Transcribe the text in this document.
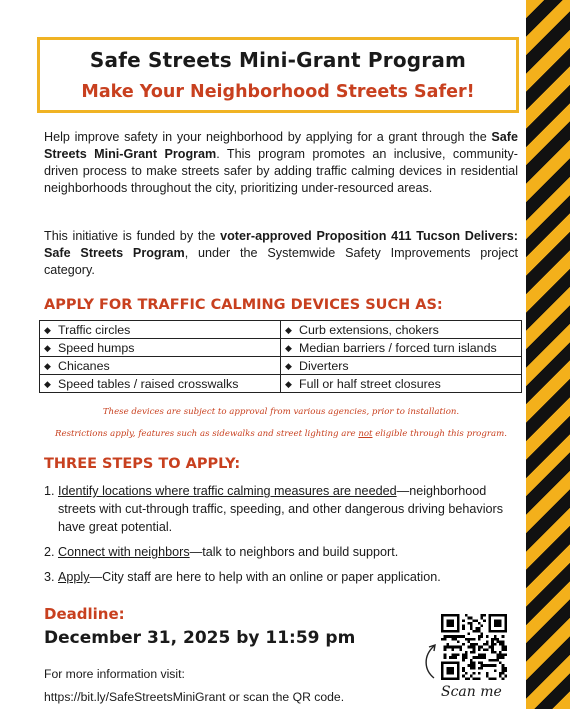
Safe Streets Mini-Grant Program
Make Your Neighborhood Streets Safer!
Help improve safety in your neighborhood by applying for a grant through the Safe Streets Mini-Grant Program. This program promotes an inclusive, community-driven process to make streets safer by adding traffic calming devices in residential neighborhoods throughout the city, prioritizing under-resourced areas.
This initiative is funded by the voter-approved Proposition 411 Tucson Delivers: Safe Streets Program, under the Systemwide Safety Improvements project category.
APPLY FOR TRAFFIC CALMING DEVICES SUCH AS:
◆ Traffic circles	◆ Curb extensions, chokers
◆ Speed humps	◆ Median barriers / forced turn islands
◆ Chicanes	◆ Diverters
◆ Speed tables / raised crosswalks	◆ Full or half street closures
These devices are subject to approval from various agencies, prior to installation.
Restrictions apply, features such as sidewalks and street lighting are not eligible through this program.
THREE STEPS TO APPLY:
1. Identify locations where traffic calming measures are needed—neighborhood streets with cut-through traffic, speeding, and other dangerous driving behaviors have great potential.
2. Connect with neighbors—talk to neighbors and build support.
3. Apply—City staff are here to help with an online or paper application.
Deadline:
December 31, 2025 by 11:59 pm
For more information visit:
https://bit.ly/SafeStreetsMiniGrant or scan the QR code.	Scan me
